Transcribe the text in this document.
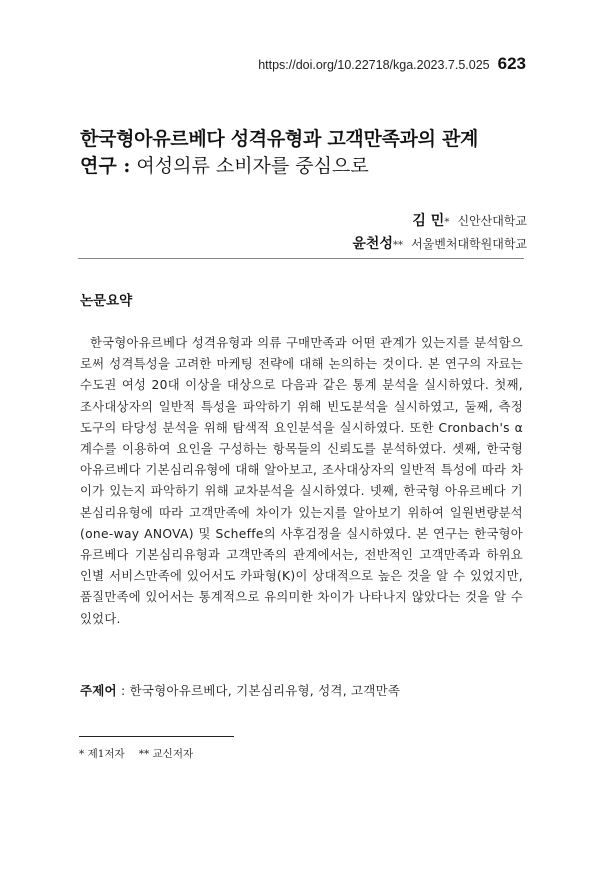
https://doi.org/10.22718/kga.2023.7.5.025 623
한국형아유르베다 성격유형과 고객만족과의 관계
연구 : 여성의류 소비자를 중심으로
김 민* 신안산대학교
윤천성** 서울벤처대학원대학교
논문요약

한국형아유르베다 성격유형과 의류 구매만족과 어떤 관계가 있는지를 분석함으로써 성격특성을 고려한 마케팅 전략에 대해 논의하는 것이다. 본 연구의 자료는 수도권 여성 20대 이상을 대상으로 다음과 같은 통계 분석을 실시하였다. 첫째, 조사대상자의 일반적 특성을 파악하기 위해 빈도분석을 실시하였고, 둘째, 측정도구의 타당성 분석을 위해 탐색적 요인분석을 실시하였다. 또한 Cronbach's α 계수를 이용하여 요인을 구성하는 항목들의 신뢰도를 분석하였다. 셋째, 한국형 아유르베다 기본심리유형에 대해 알아보고, 조사대상자의 일반적 특성에 따라 차이가 있는지 파악하기 위해 교차분석을 실시하였다. 넷째, 한국형 아유르베다 기본심리유형에 따라 고객만족에 차이가 있는지를 알아보기 위하여 일원변량분석(one-way ANOVA) 및 Scheffe의 사후검정을 실시하였다. 본 연구는 한국형아유르베다 기본심리유형과 고객만족의 관계에서는, 전반적인 고객만족과 하위요인별 서비스만족에 있어서도 카파형(K)이 상대적으로 높은 것을 알 수 있었지만, 품질만족에 있어서는 통계적으로 유의미한 차이가 나타나지 않았다는 것을 알 수 있었다.

주제어 : 한국형아유르베다, 기본심리유형, 성격, 고객만족
* 제1저자 ** 교신저자
